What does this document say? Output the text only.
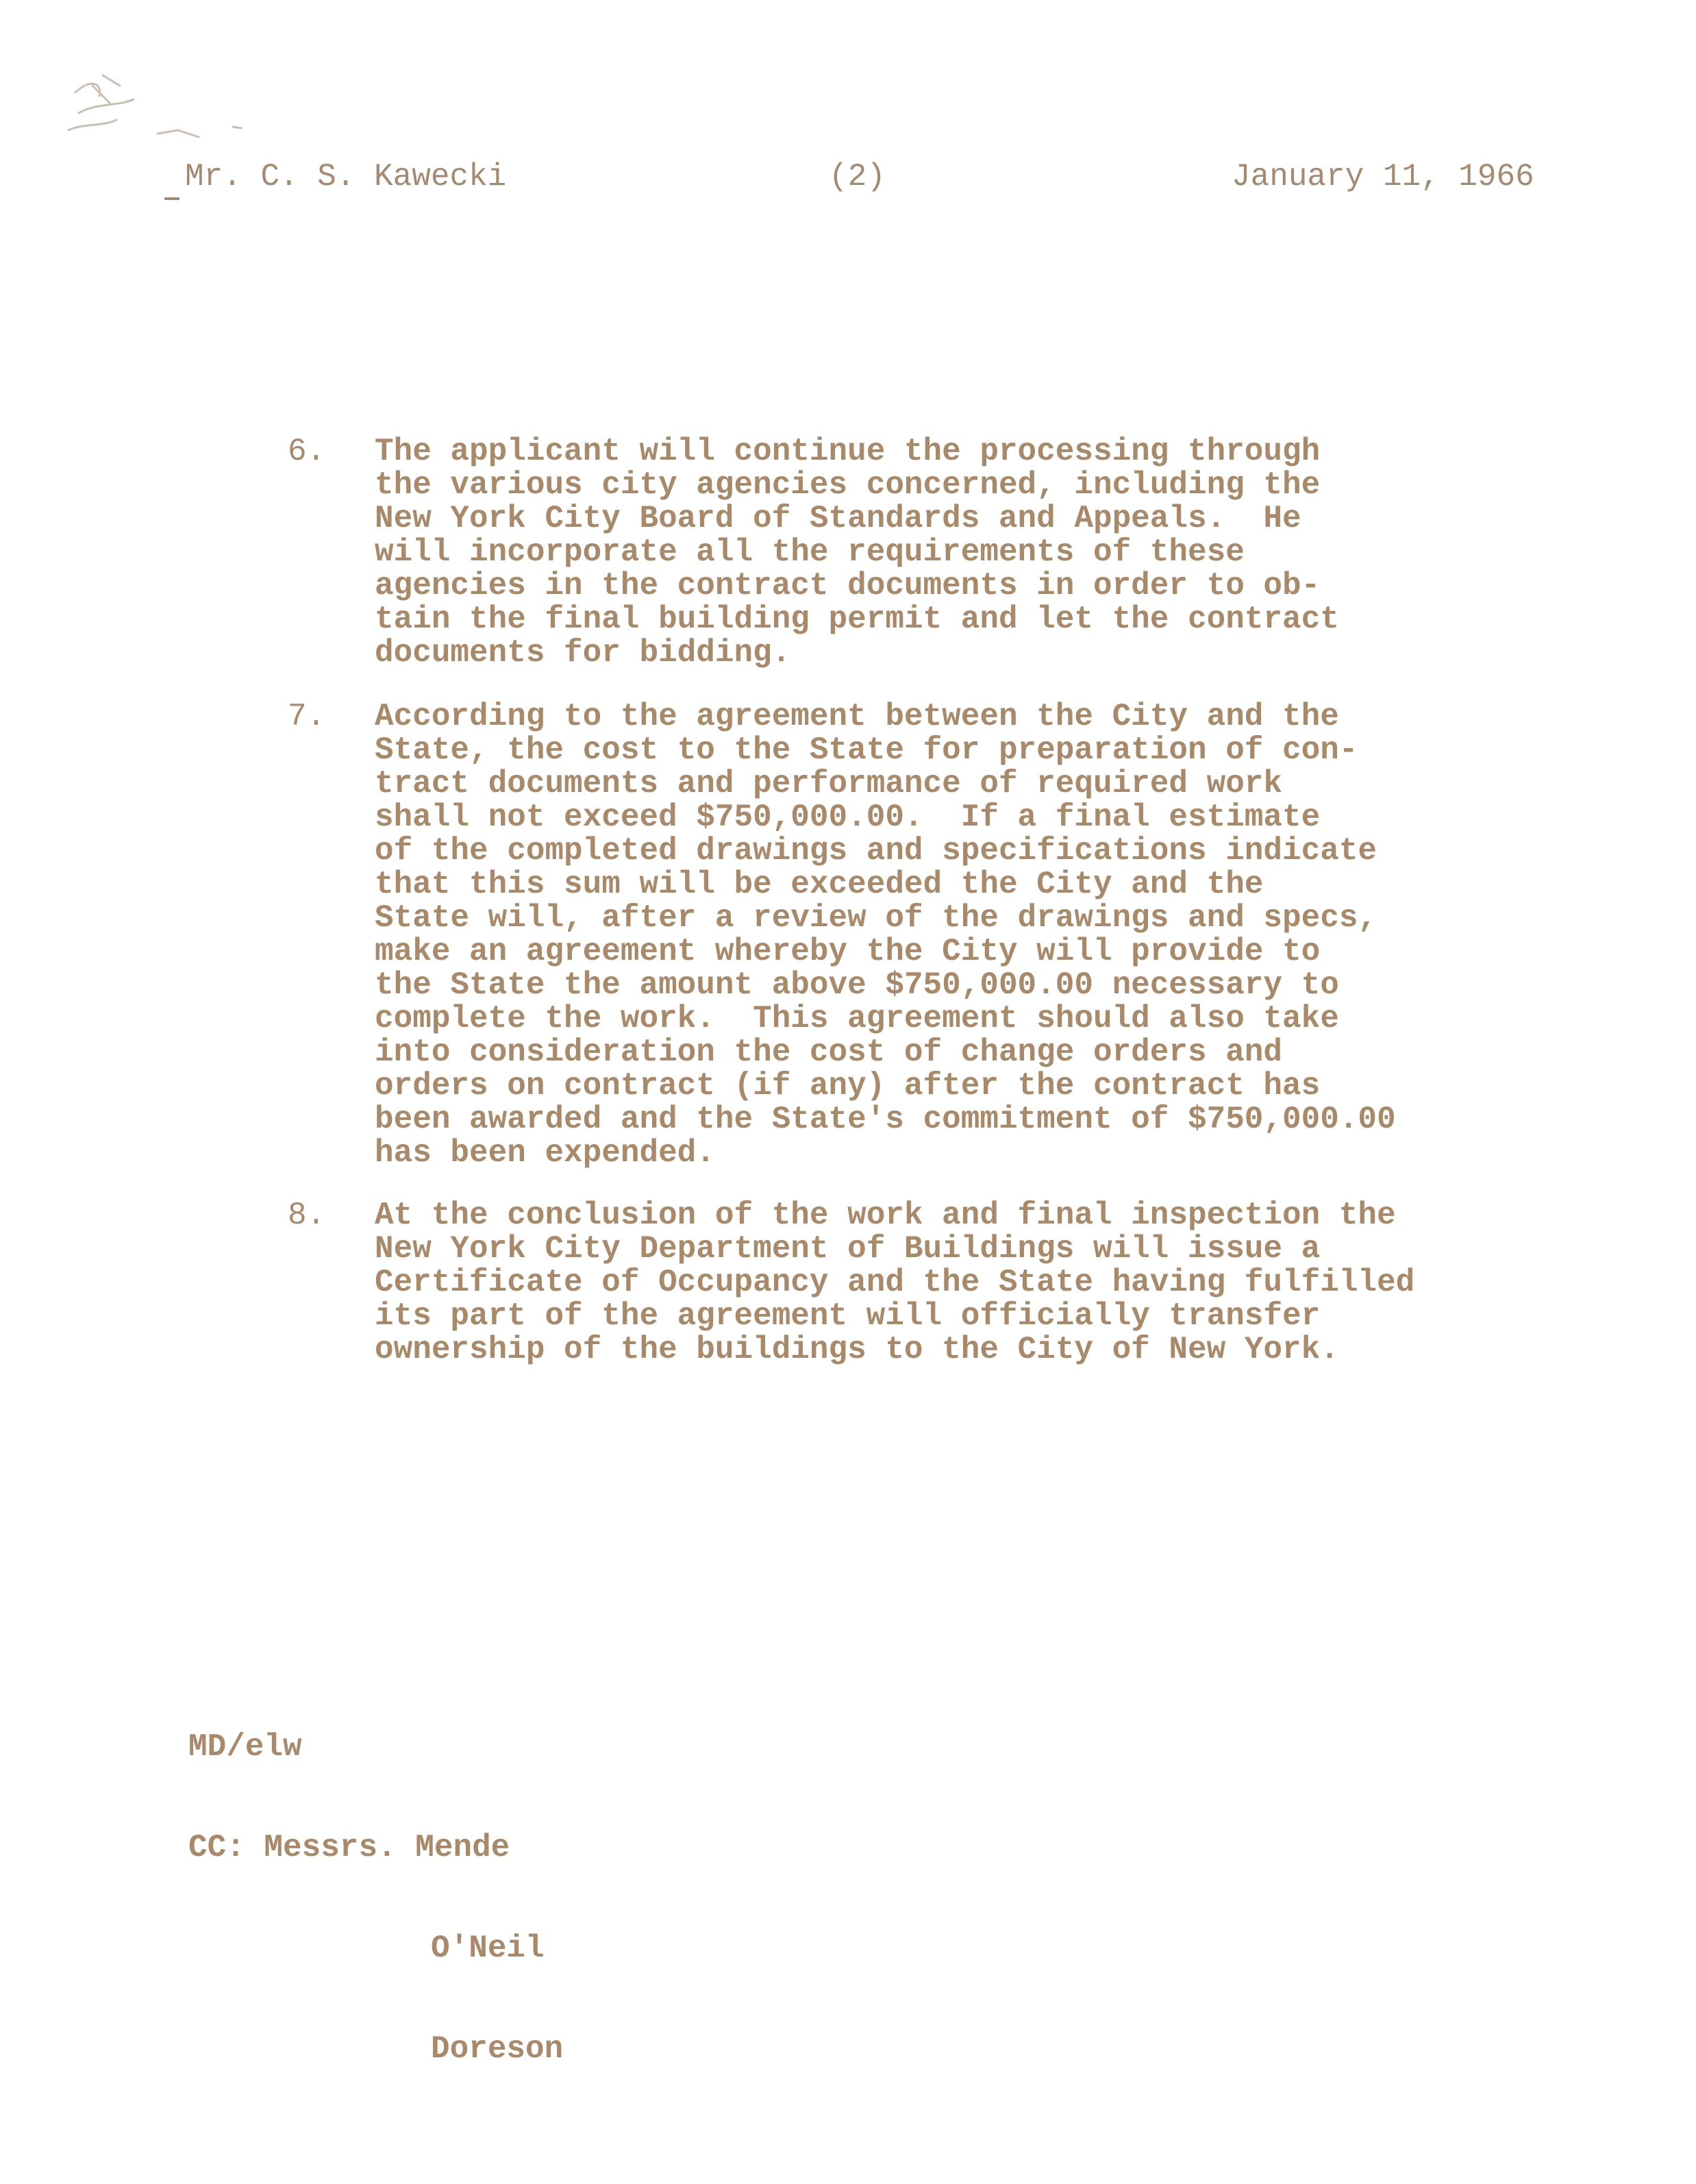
Mr. C. S. Kawecki	(2)	January 11, 1966
6. The applicant will continue the processing through
the various city agencies concerned, including the
New York City Board of Standards and Appeals.  He
will incorporate all the requirements of these
agencies in the contract documents in order to ob-
tain the final building permit and let the contract
documents for bidding.
7. According to the agreement between the City and the
State, the cost to the State for preparation of con-
tract documents and performance of required work
shall not exceed $750,000.00.  If a final estimate
of the completed drawings and specifications indicate
that this sum will be exceeded the City and the
State will, after a review of the drawings and specs,
make an agreement whereby the City will provide to
the State the amount above $750,000.00 necessary to
complete the work.  This agreement should also take
into consideration the cost of change orders and
orders on contract (if any) after the contract has
been awarded and the State's commitment of $750,000.00
has been expended.
8. At the conclusion of the work and final inspection the
New York City Department of Buildings will issue a
Certificate of Occupancy and the State having fulfilled
its part of the agreement will officially transfer
ownership of the buildings to the City of New York.

MD/elw

CC: Messrs. Mende

O'Neil

Doreson
